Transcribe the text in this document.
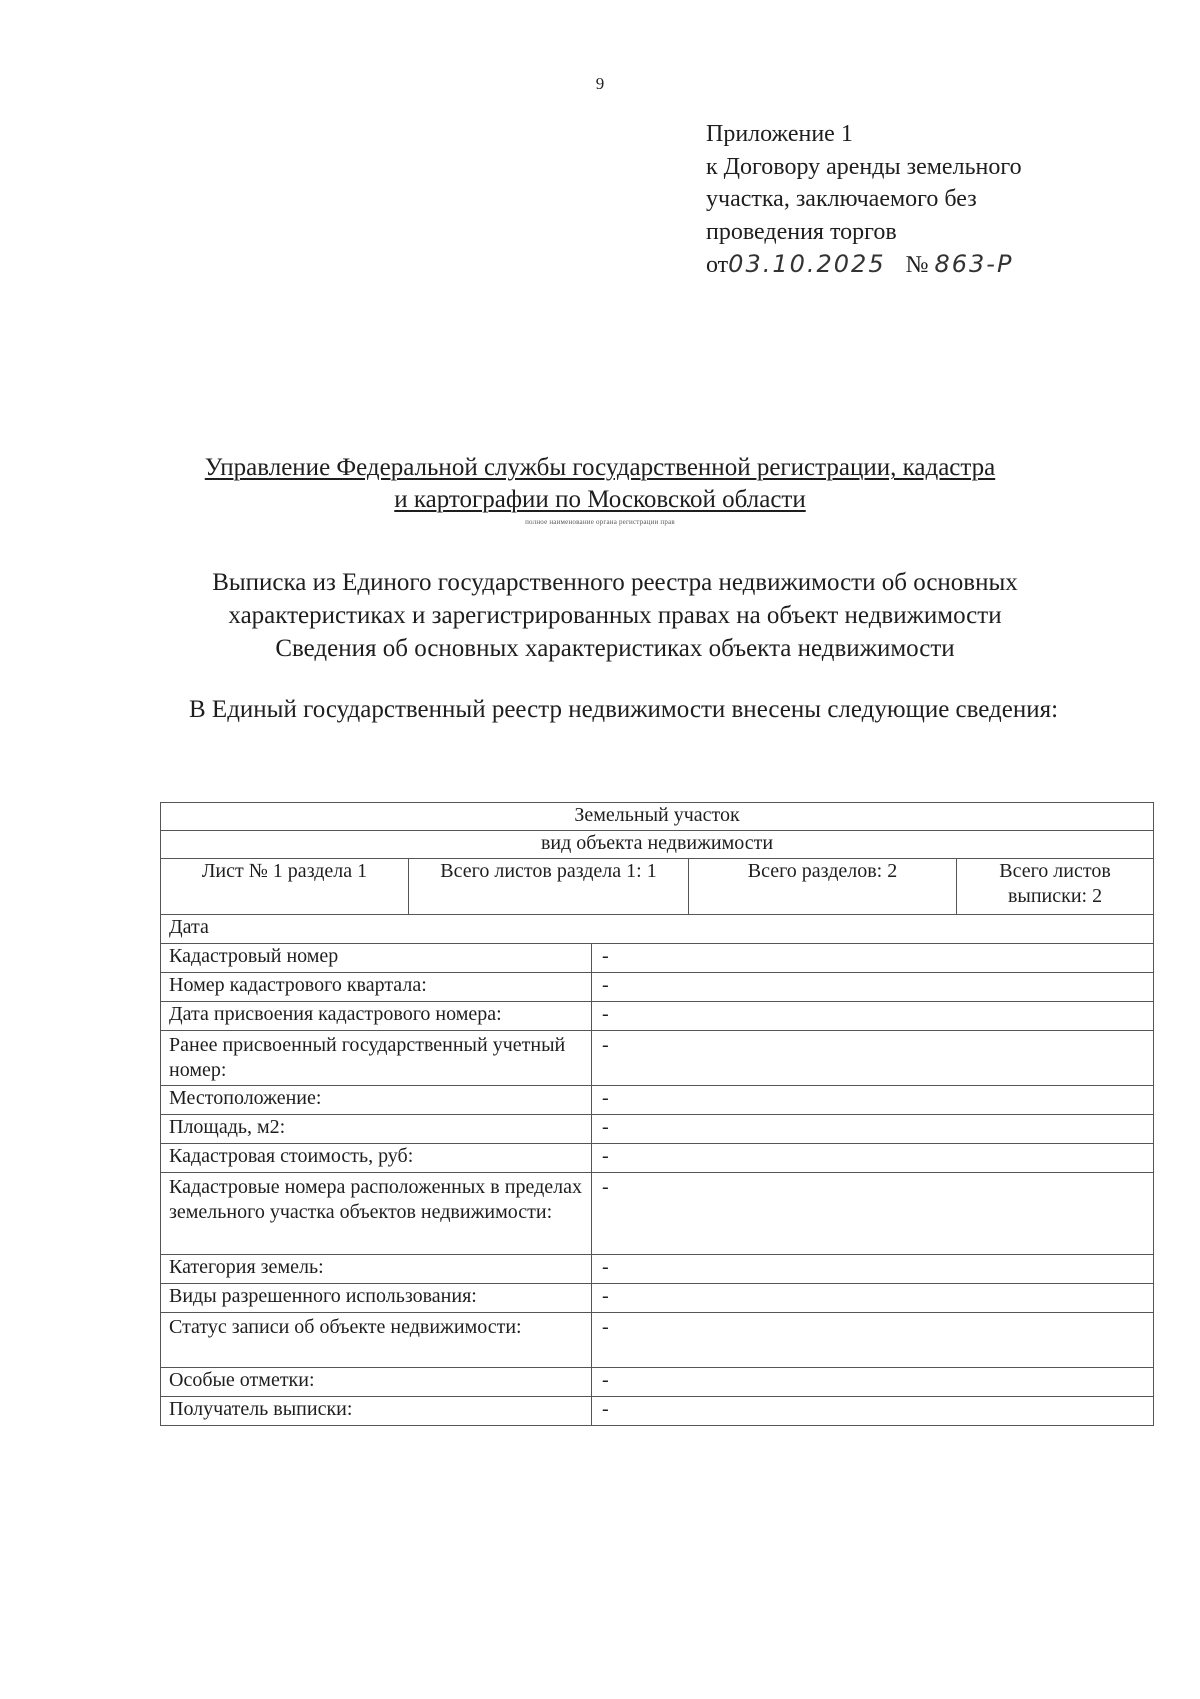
9
Приложение 1
к Договору аренды земельного
участка, заключаемого без
проведения торгов
от03.10.2025 № 863-Р
Управление Федеральной службы государственной регистрации, кадастра
и картографии по Московской области
полное наименование органа регистрации прав
Выписка из Единого государственного реестра недвижимости об основных
характеристиках и зарегистрированных правах на объект недвижимости
Сведения об основных характеристиках объекта недвижимости
В Единый государственный реестр недвижимости внесены следующие сведения:
Земельный участок				
вид объекта недвижимости				
Лист № 1 раздела 1	Всего листов раздела 1: 1		Всего разделов: 2	Всего листов выписки: 2
Дата				
Кадастровый номер		-		
Номер кадастрового квартала:		-		
Дата присвоения кадастрового номера:		-		
Ранее присвоенный государственный учетный номер:		-		
Местоположение:		-		
Площадь, м2:		-		
Кадастровая стоимость, руб:		-		
Кадастровые номера расположенных в пределах земельного участка объектов недвижимости:		-		
Категория земель:		-		
Виды разрешенного использования:		-		
Статус записи об объекте недвижимости:		-		
Особые отметки:		-		
Получатель выписки:		-		
